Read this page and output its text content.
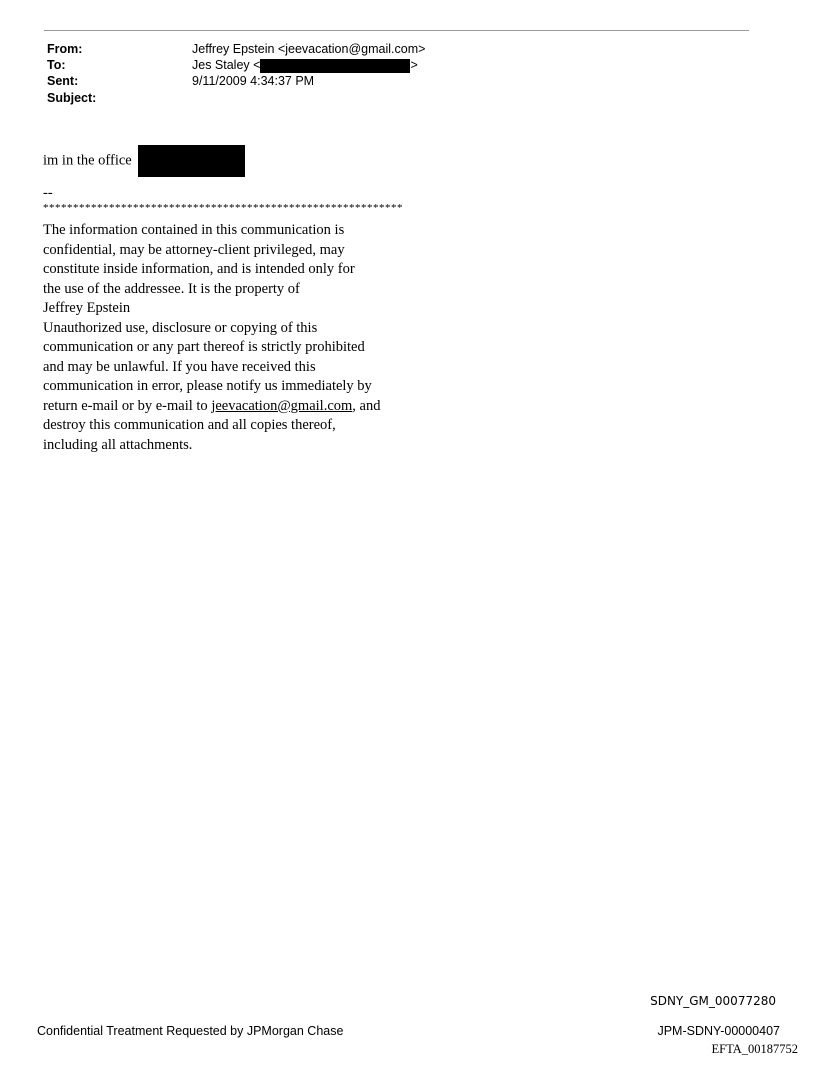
From:	Jeffrey Epstein <jeevacation@gmail.com>
To:	Jes Staley <	>
Sent:	9/11/2009 4:34:37 PM
Subject:
im in the office
--
************************************************************
The information contained in this communication is
confidential, may be attorney-client privileged, may
constitute inside information, and is intended only for
the use of the addressee. It is the property of
Jeffrey Epstein
Unauthorized use, disclosure or copying of this
communication or any part thereof is strictly prohibited
and may be unlawful. If you have received this
communication in error, please notify us immediately by
return e-mail or by e-mail to jeevacation@gmail.com, and
destroy this communication and all copies thereof,
including all attachments.
SDNY_GM_00077280
Confidential Treatment Requested by JPMorgan Chase	JPM-SDNY-00000407
EFTA_00187752
